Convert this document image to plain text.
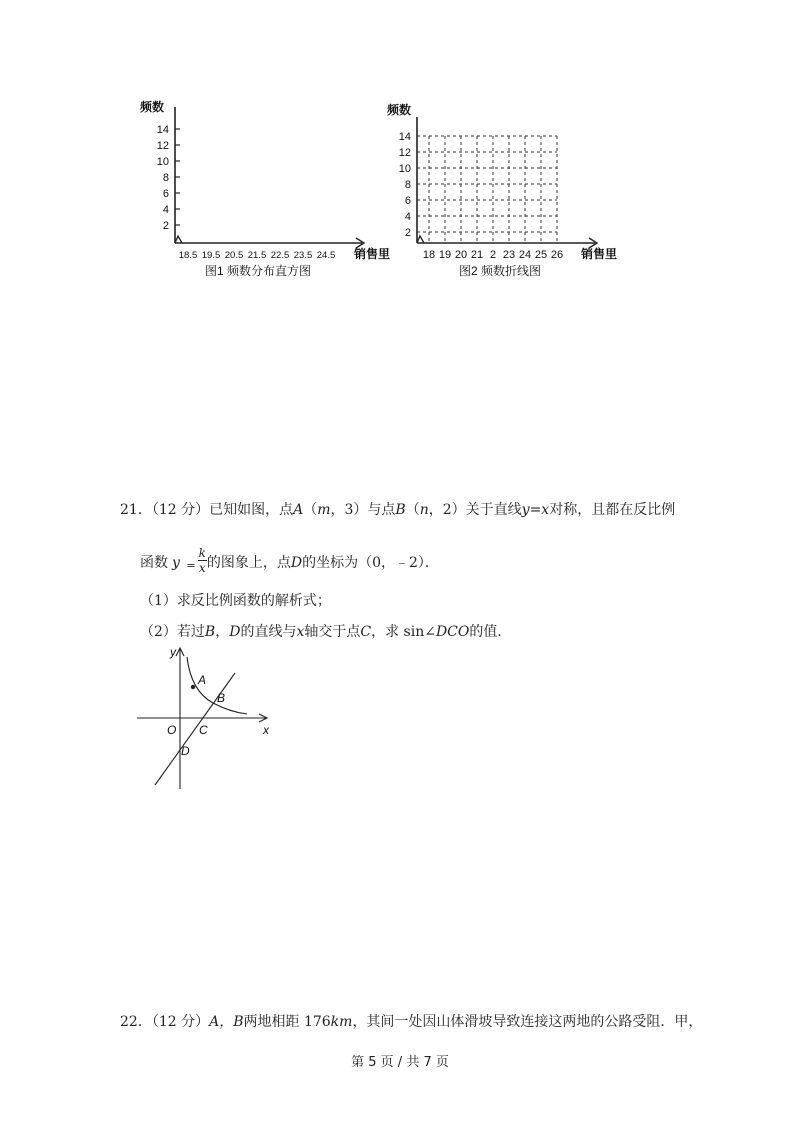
频数
14
12
10
8
6
4
2
18.5 19.5 20.5 21.5 22.5 23.5 24.5 销售里
图1 频数分布直方图
频数
14
12
10
8
6
4
2
18 19 20 21 2 23 24 25 26 销售里
图2 频数折线图
21．（12 分）已知如图，点A（m，3）与点B（n，2）关于直线y=x对称，且都在反比例
函数 y $_= \frac{k}{x}$ 的图象上，点D的坐标为（0，﹣2）．
（1）求反比例函数的解析式；
（2）若过B，D的直线与x轴交于点C，求 sin∠DCO的值．
y
x
A
B
O C
D
22．（12 分）A，B两地相距 176km，其间一处因山体滑坡导致连接这两地的公路受阻．甲，
第 5 页 / 共 7 页
